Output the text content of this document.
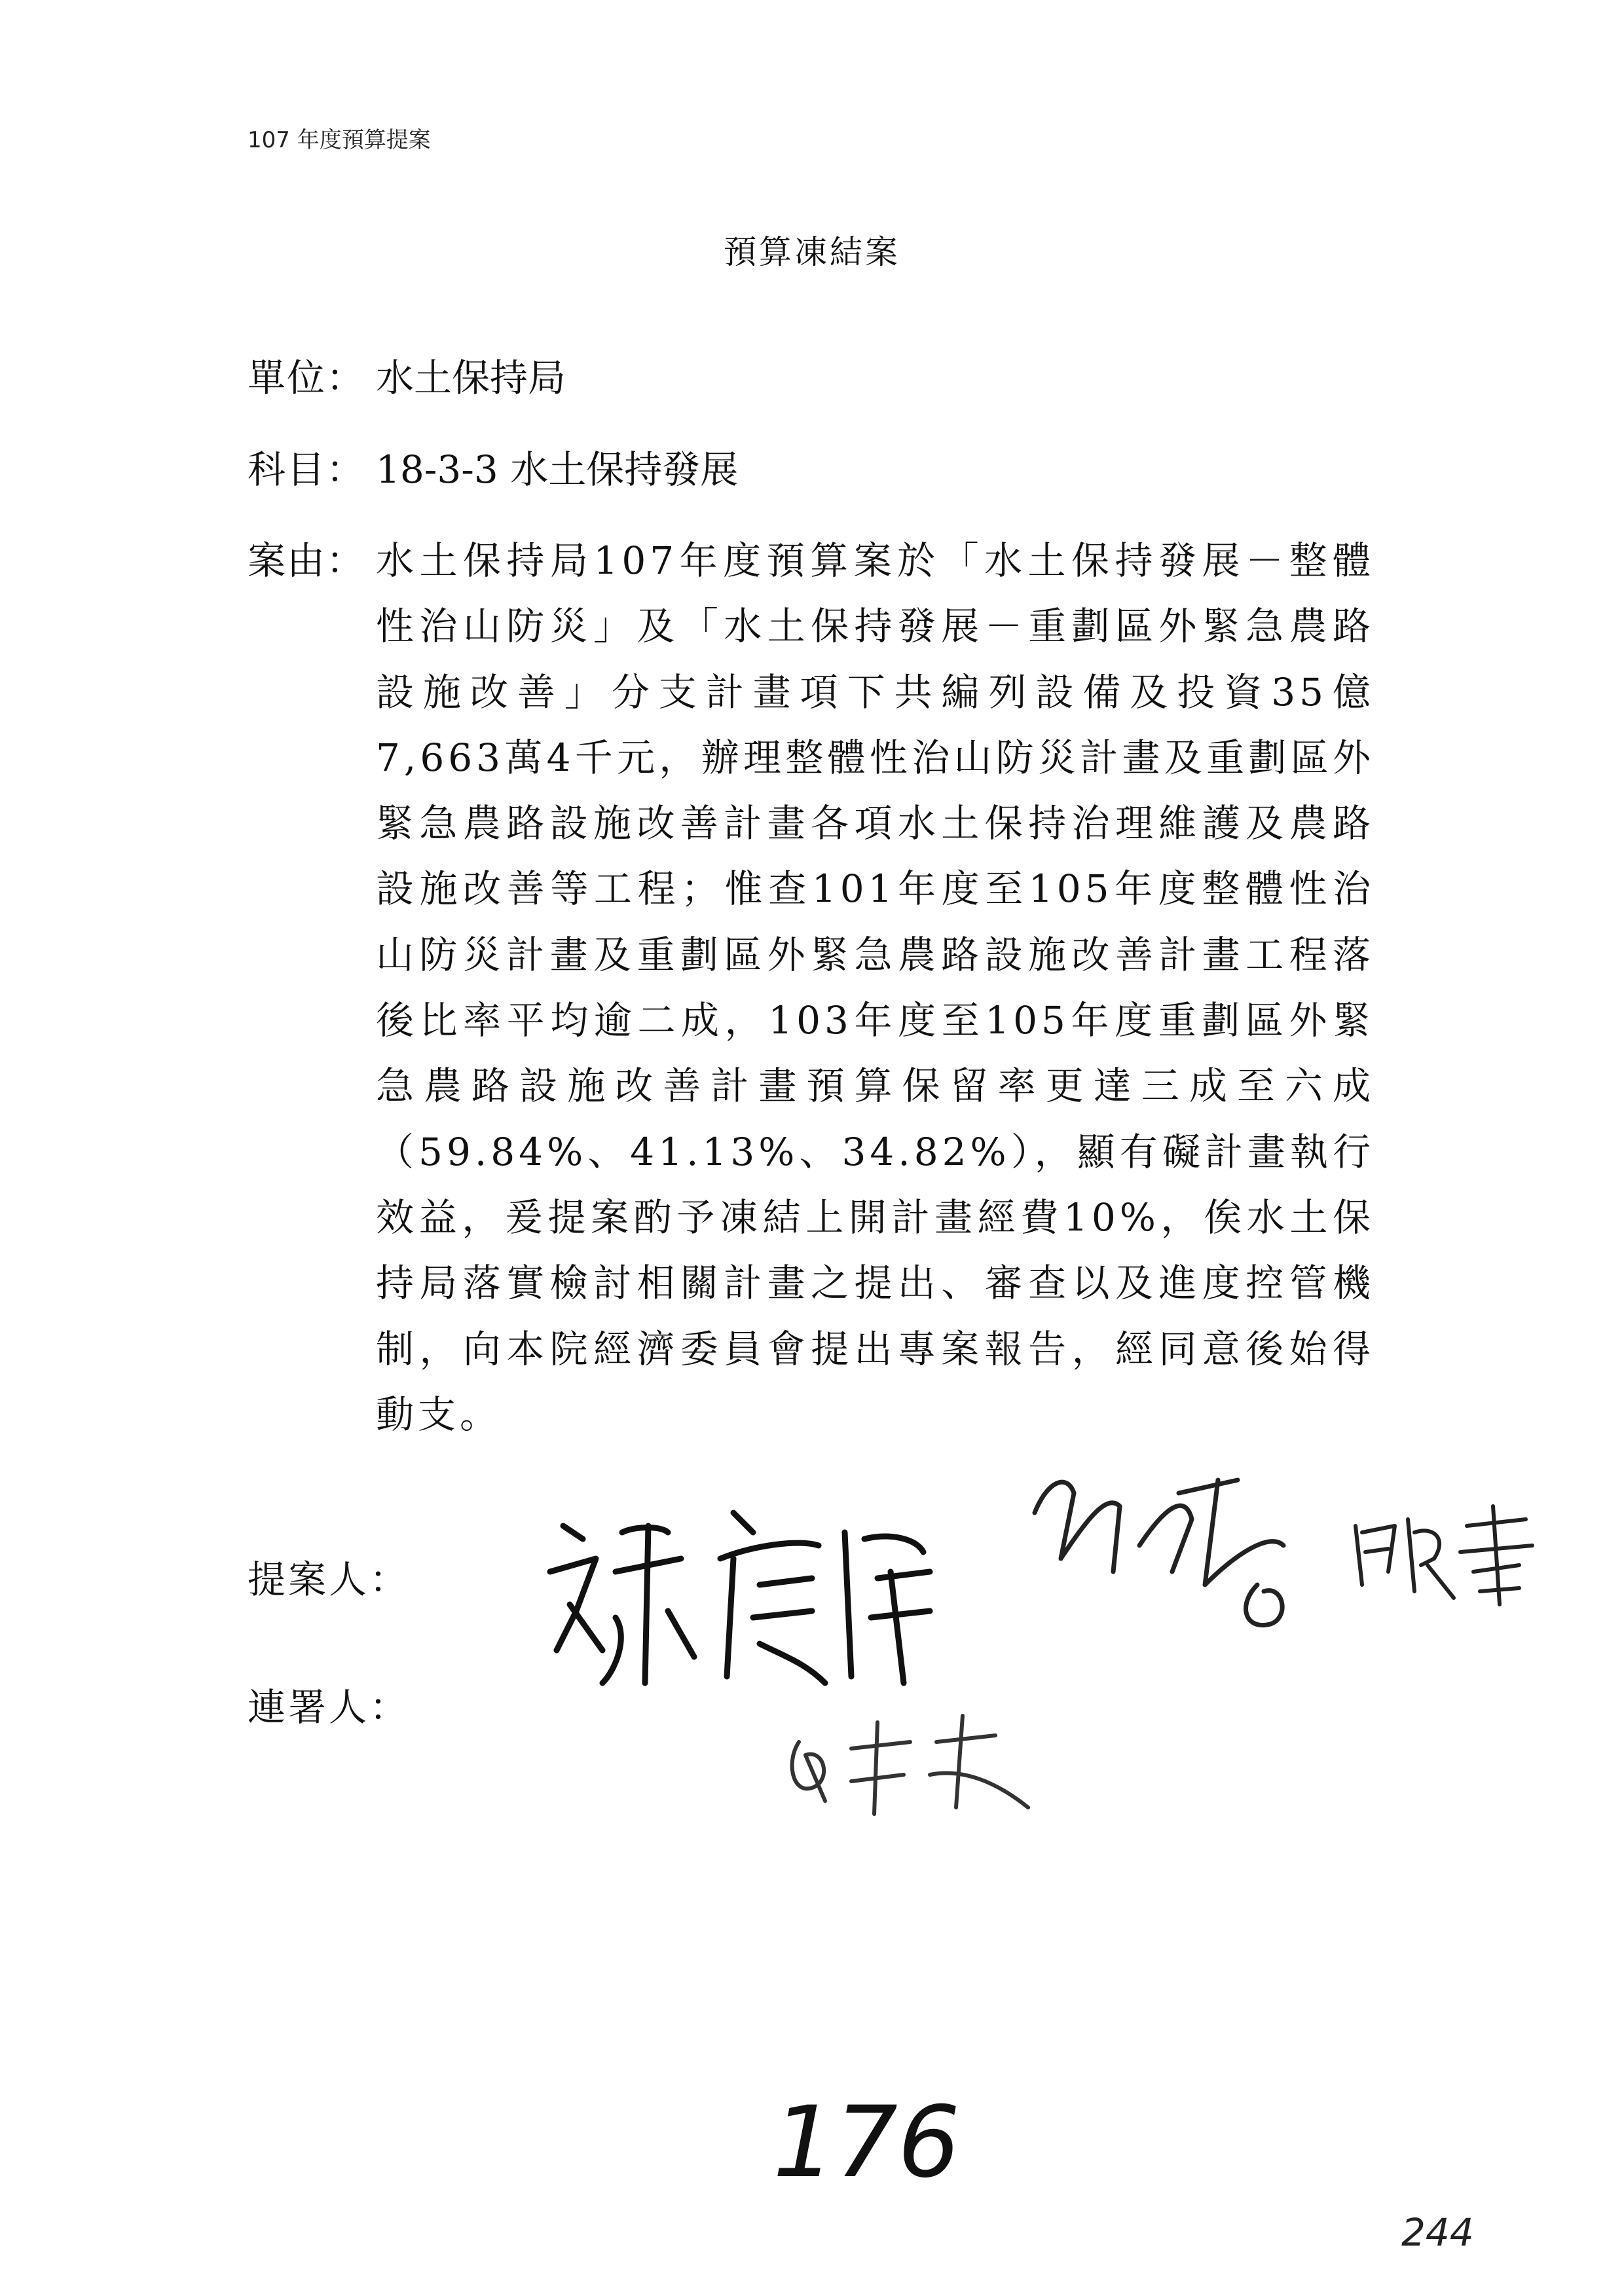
107 年度預算提案
預算凍結案
單位： 水土保持局
科目： 18-3-3 水土保持發展
案由： 水土保持局107年度預算案於「水土保持發展－整體性治山防災」及「水土保持發展－重劃區外緊急農路設施改善」分支計畫項下共編列設備及投資35億7,663萬4千元，辦理整體性治山防災計畫及重劃區外緊急農路設施改善計畫各項水土保持治理維護及農路設施改善等工程；惟查101年度至105年度整體性治山防災計畫及重劃區外緊急農路設施改善計畫工程落後比率平均逾二成，103年度至105年度重劃區外緊急農路設施改善計畫預算保留率更達三成至六成（59.84%、41.13%、34.82%），顯有礙計畫執行效益，爰提案酌予凍結上開計畫經費10%，俟水土保持局落實檢討相關計畫之提出、審查以及進度控管機制，向本院經濟委員會提出專案報告，經同意後始得動支。

提案人：
連署人：
176
244
